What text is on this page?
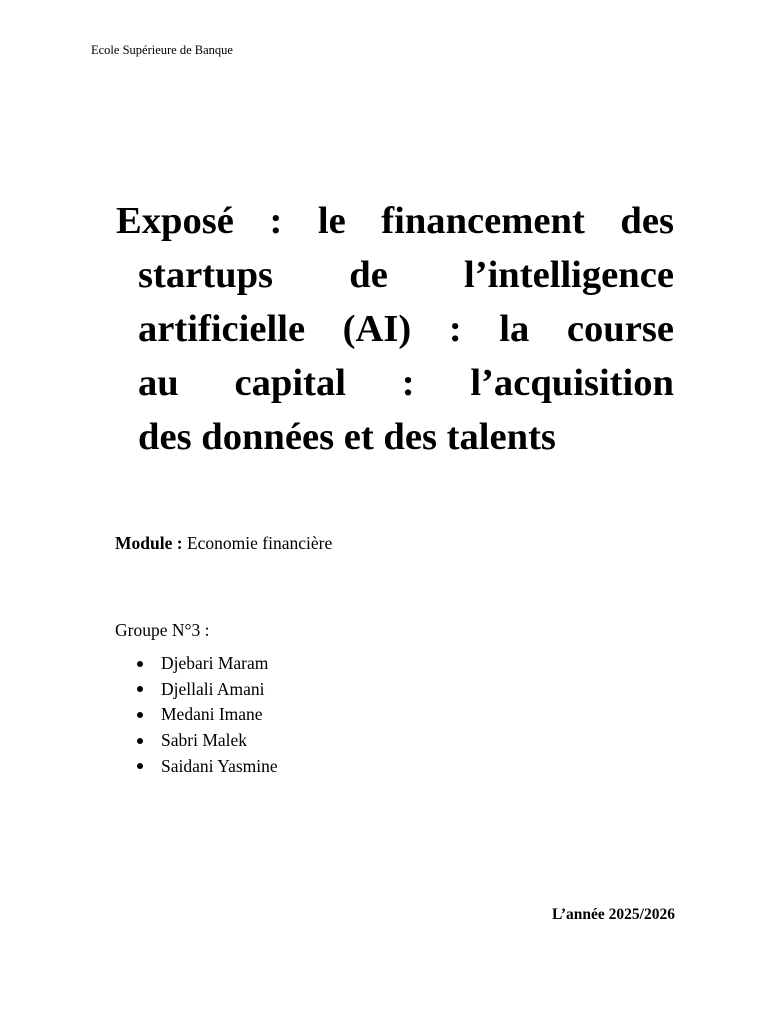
Ecole Supérieure de Banque
Exposé : le financement des
startups de l’intelligence
artificielle (AI) : la course
au capital : l’acquisition
des données et des talents
Module : Economie financière
Groupe N°3 :
Djebari Maram
Djellali Amani
Medani Imane
Sabri Malek
Saidani Yasmine
L’année 2025/2026
